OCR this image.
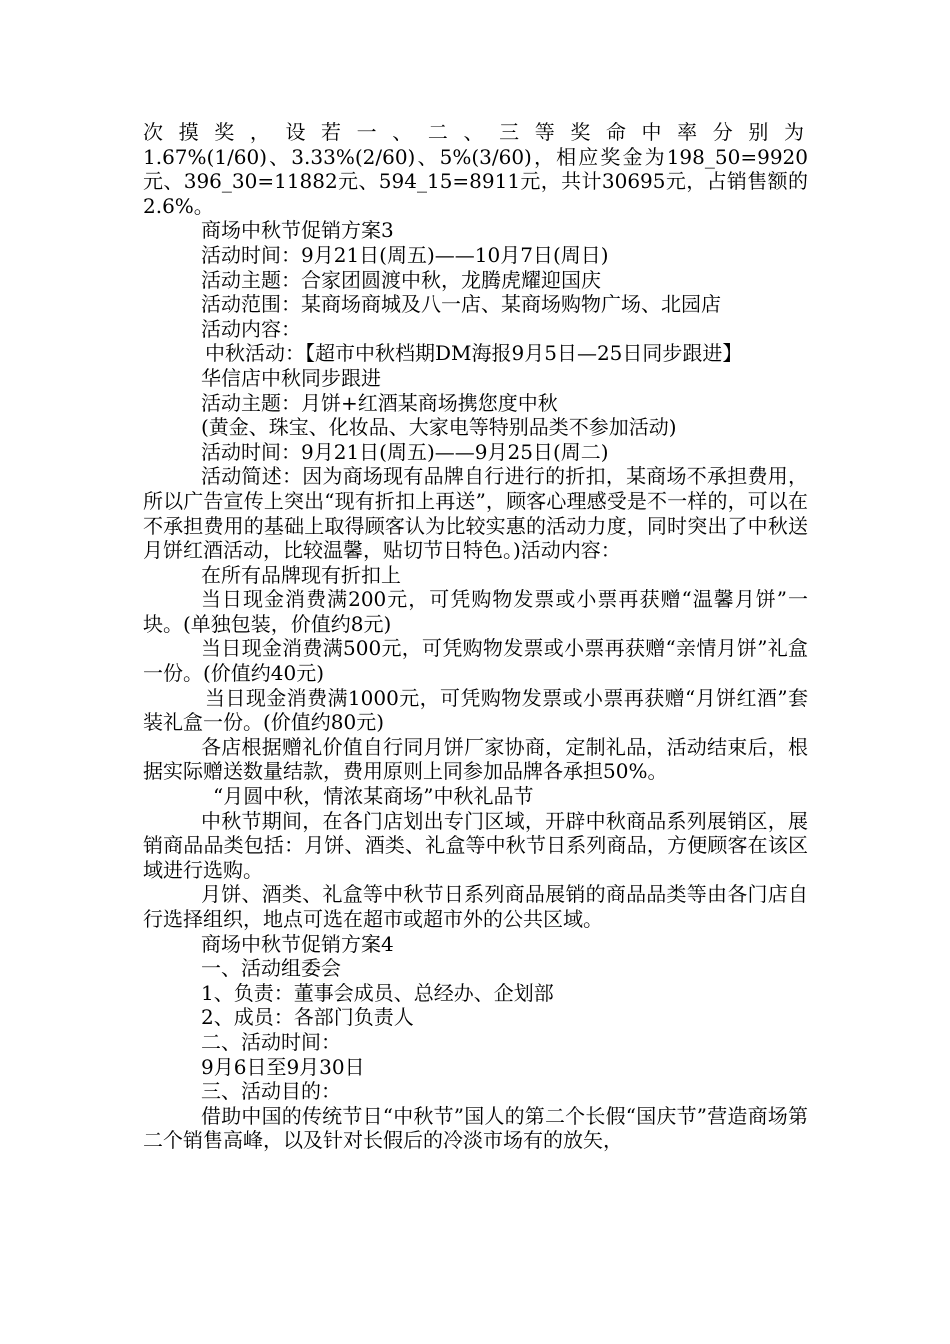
次摸奖，设若一、二、三等奖命中率分别为

1.67%(1/60)、3.33%(2/60)、5%(3/60)，相应奖金为198_50=9920元、396_30=11882元、594_15=8911元，共计30695元，占销售额的2.6%。

商场中秋节促销方案3

活动时间：9月21日(周五)——10月7日(周日)

活动主题：合家团圆渡中秋，龙腾虎耀迎国庆

活动范围：某商场商城及八一店、某商场购物广场、北园店

活动内容：

中秋活动：【超市中秋档期DM海报9月5日—25日同步跟进】

华信店中秋同步跟进

活动主题：月饼+红酒某商场携您度中秋

(黄金、珠宝、化妆品、大家电等特别品类不参加活动)

活动时间：9月21日(周五)——9月25日(周二)

活动简述：因为商场现有品牌自行进行的折扣，某商场不承担费用，所以广告宣传上突出“现有折扣上再送”，顾客心理感受是不一样的，可以在不承担费用的基础上取得顾客认为比较实惠的活动力度，同时突出了中秋送月饼红酒活动，比较温馨，贴切节日特色。)活动内容：

在所有品牌现有折扣上

当日现金消费满200元，可凭购物发票或小票再获赠“温馨月饼”一块。(单独包装，价值约8元)

当日现金消费满500元，可凭购物发票或小票再获赠“亲情月饼”礼盒一份。(价值约40元)

当日现金消费满1000元，可凭购物发票或小票再获赠“月饼红酒”套装礼盒一份。(价值约80元)

各店根据赠礼价值自行同月饼厂家协商，定制礼品，活动结束后，根据实际赠送数量结款，费用原则上同参加品牌各承担50%。

“月圆中秋，情浓某商场”中秋礼品节

中秋节期间，在各门店划出专门区域，开辟中秋商品系列展销区，展销商品品类包括：月饼、酒类、礼盒等中秋节日系列商品，方便顾客在该区域进行选购。

月饼、酒类、礼盒等中秋节日系列商品展销的商品品类等由各门店自行选择组织，地点可选在超市或超市外的公共区域。

商场中秋节促销方案4

一、活动组委会

1、负责：董事会成员、总经办、企划部

2、成员：各部门负责人

二、活动时间：

9月6日至9月30日

三、活动目的：

借助中国的传统节日“中秋节”国人的第二个长假“国庆节”营造商场第二个销售高峰，以及针对长假后的冷淡市场有的放矢，
